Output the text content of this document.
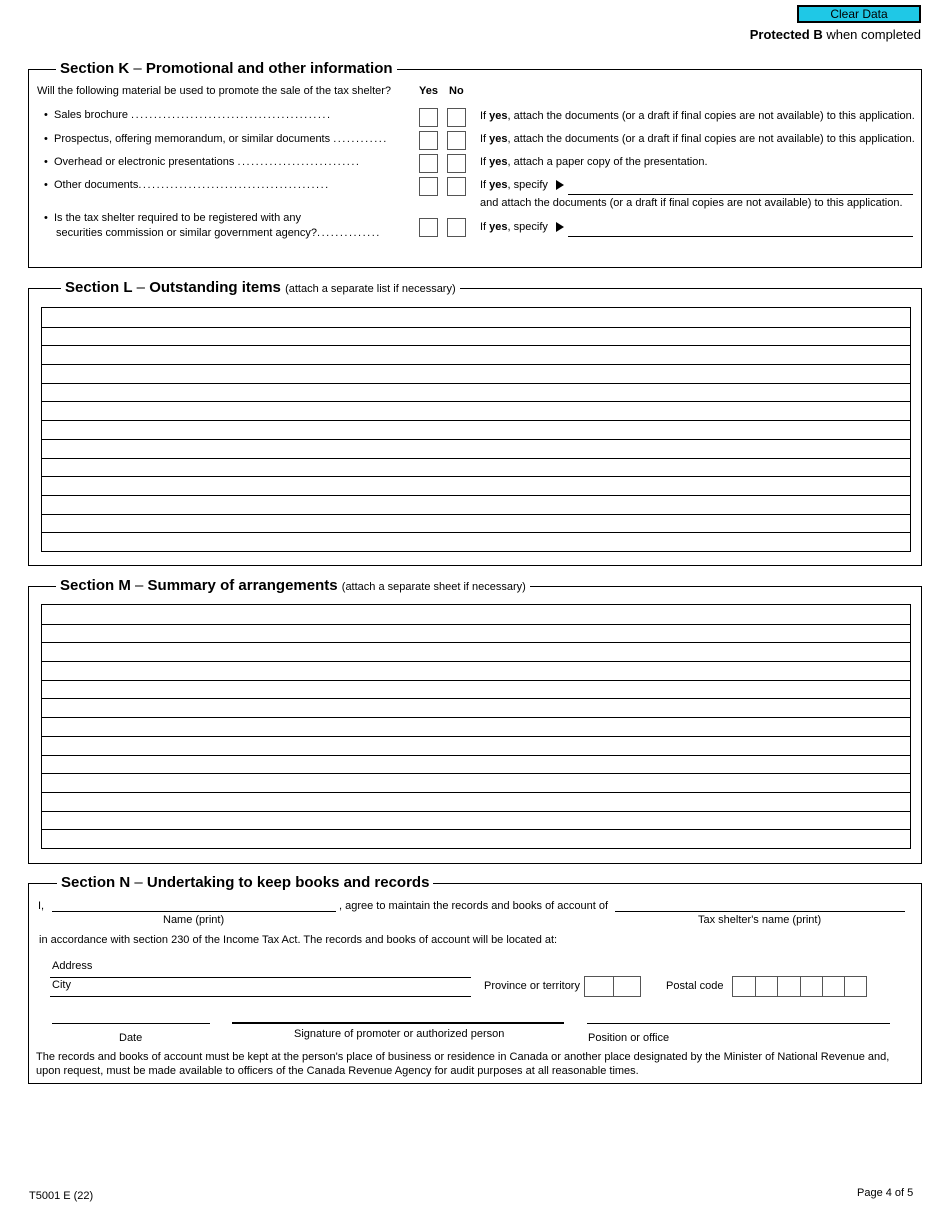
Clear Data
Protected B when completed
Section K – Promotional and other information
Will the following material be used to promote the sale of the tax shelter?	Yes No
• Sales brochure ............................................	If yes, attach the documents (or a draft if final copies are not available) to this application.
• Prospectus, offering memorandum, or similar documents ............	If yes, attach the documents (or a draft if final copies are not available) to this application.
• Overhead or electronic presentations ...........................	If yes, attach a paper copy of the presentation.
• Other documents..........................................	If yes, specify
and attach the documents (or a draft if final copies are not available) to this application.
• Is the tax shelter required to be registered with any
securities commission or similar government agency?..............	If yes, specify
Section L – Outstanding items (attach a separate list if necessary)
Section M – Summary of arrangements (attach a separate sheet if necessary)
Section N – Undertaking to keep books and records
I,	, agree to maintain the records and books of account of
Name (print)	Tax shelter's name (print)
in accordance with section 230 of the Income Tax Act. The records and books of account will be located at:
Address
City	Province or territory	Postal code
Date	Signature of promoter or authorized person	Position or office
The records and books of account must be kept at the person's place of business or residence in Canada or another place designated by the Minister of National Revenue and,
upon request, must be made available to officers of the Canada Revenue Agency for audit purposes at all reasonable times.
T5001 E (22)	Page 4 of 5
